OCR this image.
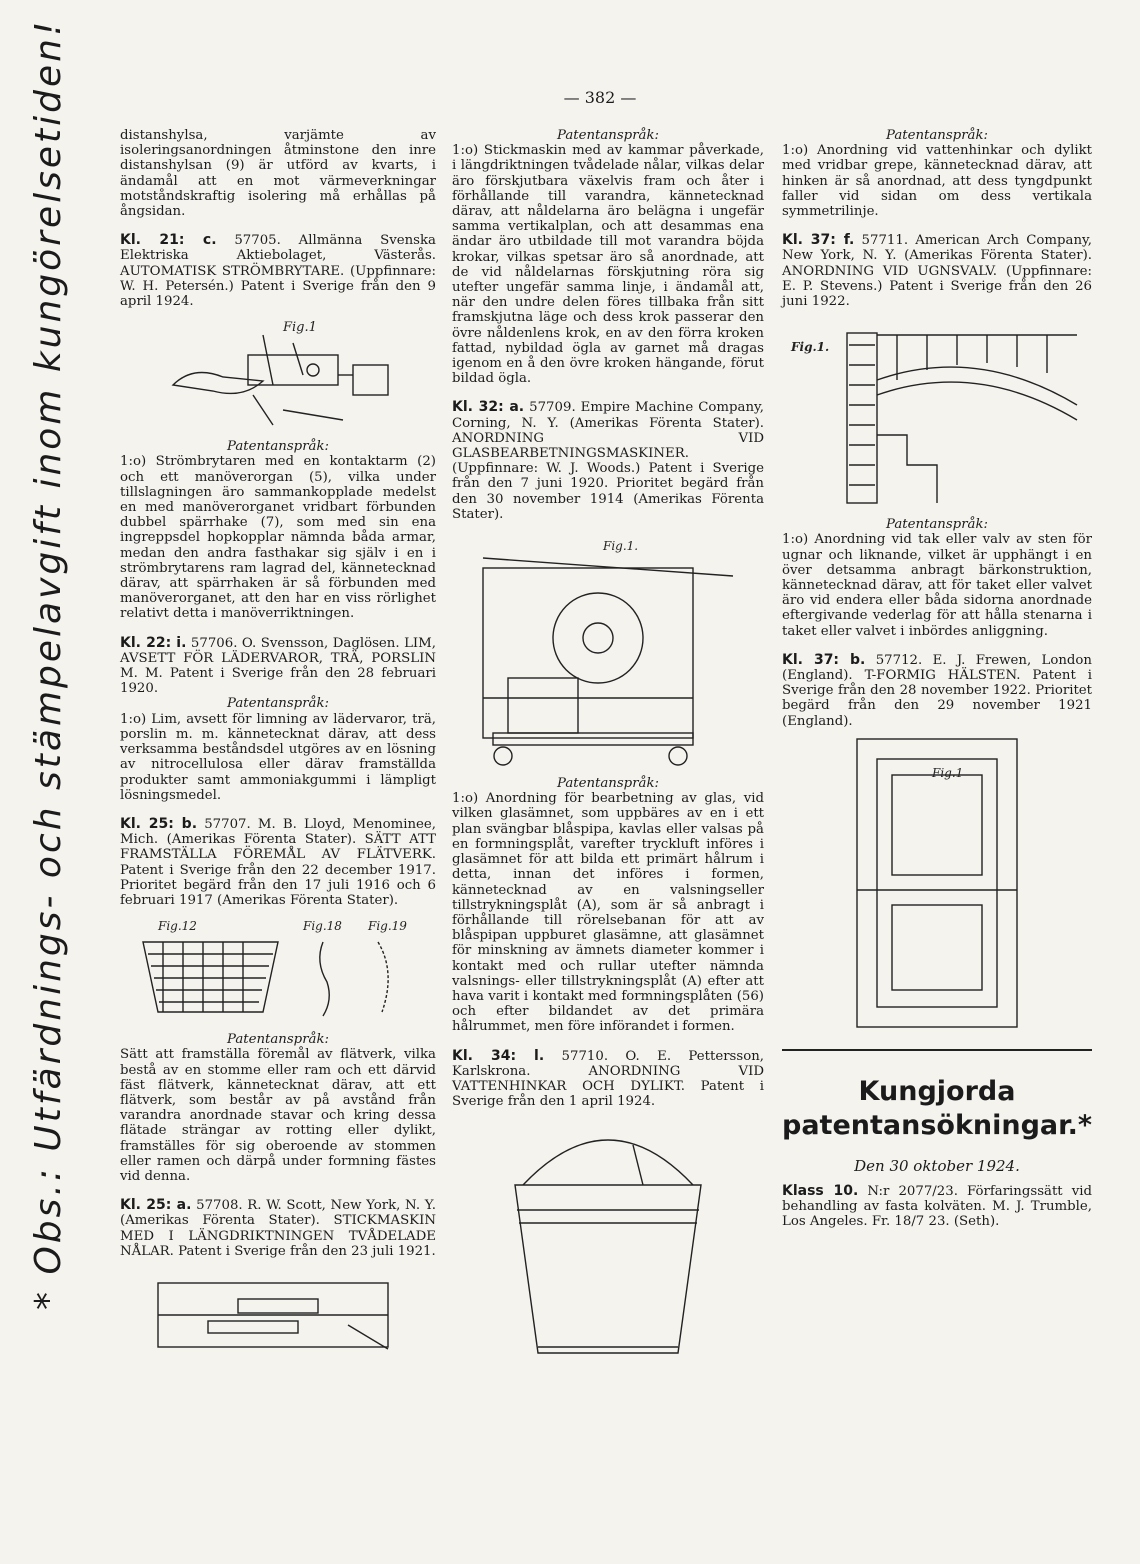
— 382 —
* Obs.: Utfärdnings- och stämpelavgift inom kungörelsetiden!	distanshylsa, varjämte av isoleringsanordningen åtminstone den inre distanshylsan (9) är utförd av kvarts, i ändamål att en mot värmeverkningar motståndskraftig isolering må erhållas på ångsidan.

Kl. 21: c. 57705. Allmänna Svenska Elektriska Aktiebolaget, Västerås. AUTOMATISK STRÖMBRYTARE. (Uppfinnare: W. H. Petersén.) Patent i Sverige från den 9 april 1924.

Fig.1

Patentanspråk:

1:o) Strömbrytaren med en kontaktarm (2) och ett manöverorgan (5), vilka under tillslagningen äro sammankopplade medelst en med manöverorganet vridbart förbunden dubbel spärrhake (7), som med sin ena ingreppsdel hopkopplar nämnda båda armar, medan den andra fasthakar sig själv i en i strömbrytarens ram lagrad del, kännetecknad därav, att spärrhaken är så förbunden med manöverorganet, att den har en viss rörlighet relativt detta i manöverriktningen.

Kl. 22: i. 57706. O. Svensson, Daglösen. LIM, AVSETT FÖR LÄDERVAROR, TRÄ, PORSLIN M. M. Patent i Sverige från den 28 februari 1920.

Patentanspråk:

1:o) Lim, avsett för limning av lädervaror, trä, porslin m. m. kännetecknat därav, att dess verksamma beståndsdel utgöres av en lösning av nitrocellulosa eller därav framställda produkter samt ammoniakgummi i lämpligt lösningsmedel.

Kl. 25: b. 57707. M. B. Lloyd, Menominee, Mich. (Amerikas Förenta Stater). SÄTT ATT FRAMSTÄLLA FÖREMÅL AV FLÄTVERK. Patent i Sverige från den 22 december 1917. Prioritet begärd från den 17 juli 1916 och 6 februari 1917 (Amerikas Förenta Stater).

Fig.12	Fig.18 Fig.19

Patentanspråk:

Sätt att framställa föremål av flätverk, vilka bestå av en stomme eller ram och ett därvid fäst flätverk, kännetecknat därav, att ett flätverk, som består av på avstånd från varandra anordnade stavar och kring dessa flätade strängar av rotting eller dylikt, framställes för sig oberoende av stommen eller ramen och därpå under formning fästes vid denna.

Kl. 25: a. 57708. R. W. Scott, New York, N. Y. (Amerikas Förenta Stater). STICKMASKIN MED I LÄNGDRIKTNINGEN TVÅDELADE NÅLAR. Patent i Sverige från den 23 juli 1921.

Patentanspråk:

1:o) Stickmaskin med av kammar påverkade, i längdriktningen tvådelade nålar, vilkas delar äro förskjutbara växelvis fram och åter i förhållande till varandra, kännetecknad därav, att nåldelarna äro belägna i ungefär samma vertikalplan, och att desammas ena ändar äro utbildade till mot varandra böjda krokar, vilkas spetsar äro så anordnade, att de vid nåldelarnas förskjutning röra sig utefter ungefär samma linje, i ändamål att, när den undre delen föres tillbaka från sitt framskjutna läge och dess krok passerar den övre nåldenlens krok, en av den förra kroken fattad, nybildad ögla av garnet må dragas igenom en å den övre kroken hängande, förut bildad ögla.

Kl. 32: a. 57709. Empire Machine Company, Corning, N. Y. (Amerikas Förenta Stater). ANORDNING VID GLASBEARBETNINGSMASKINER. (Uppfinnare: W. J. Woods.) Patent i Sverige från den 7 juni 1920. Prioritet begärd från den 30 november 1914 (Amerikas Förenta Stater).

Fig.1.

Patentanspråk:

1:o) Anordning för bearbetning av glas, vid vilken glasämnet, som uppbäres av en i ett plan svängbar blåspipa, kavlas eller valsas på en formningsplåt, varefter tryckluft införes i glasämnet för att bilda ett primärt hålrum i detta, innan det införes i formen, kännetecknad av en valsningseller tillstrykningsplåt (A), som är så anbragt i förhållande till rörelsebanan för att av blåspipan uppburet glasämne, att glasämnet för minskning av ämnets diameter kommer i kontakt med och rullar utefter nämnda valsnings- eller tillstrykningsplåt (A) efter att hava varit i kontakt med formningsplåten (56) och efter bildandet av det primära hålrummet, men före införandet i formen.

Kl. 34: l. 57710. O. E. Pettersson, Karlskrona. ANORDNING VID VATTENHINKAR OCH DYLIKT. Patent i Sverige från den 1 april 1924.

Patentanspråk:

1:o) Anordning vid vattenhinkar och dylikt med vridbar grepe, kännetecknad därav, att hinken är så anordnad, att dess tyngdpunkt faller vid sidan om dess vertikala symmetrilinje.

Kl. 37: f. 57711. American Arch Company, New York, N. Y. (Amerikas Förenta Stater). ANORDNING VID UGNSVALV. (Uppfinnare: E. P. Stevens.) Patent i Sverige från den 26 juni 1922.

Fig.1.

Patentanspråk:

1:o) Anordning vid tak eller valv av sten för ugnar och liknande, vilket är upphängt i en över detsamma anbragt bärkonstruktion, kännetecknad därav, att för taket eller valvet äro vid endera eller båda sidorna anordnade eftergivande vederlag för att hålla stenarna i taket eller valvet i inbördes anliggning.

Kl. 37: b. 57712. E. J. Frewen, London (England). T-FORMIG HÄLSTEN. Patent i Sverige från den 28 november 1922. Prioritet begärd från den 29 november 1921 (England).

Fig.1

Kungjorda patentansökningar.*

Den 30 oktober 1924.

Klass 10. N:r 2077/23. Förfaringssätt vid behandling av fasta kolväten. M. J. Trumble, Los Angeles. Fr. 18/7 23. (Seth).
